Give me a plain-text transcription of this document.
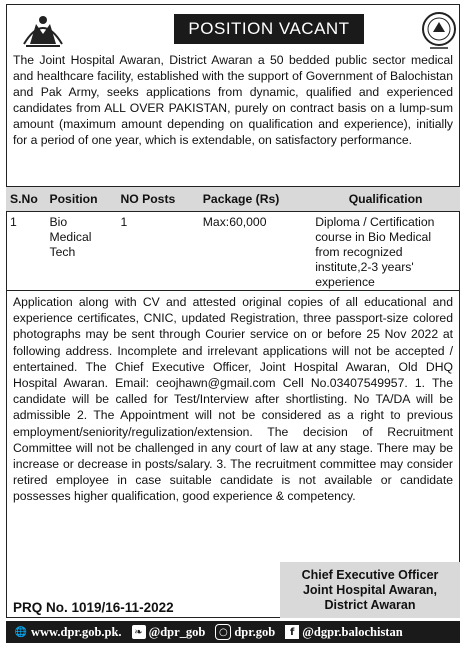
POSITION VACANT
The Joint Hospital Awaran, District Awaran a 50 bedded public sector medical and healthcare facility, established with the support of Government of Balochistan and Pak Army, seeks applications from dynamic, qualified and experienced candidates from ALL OVER PAKISTAN, purely on contract basis on a lump-sum amount (maximum amount depending on qualification and experience), initially for a period of one year, which is extendable, on satisfactory performance.
S.No	Position	NO Posts	Package (Rs)	Qualification
1	Bio Medical Tech	1	Max:60,000	Diploma / Certification course in Bio Medical from recognized institute,2-3 years' experience
Application along with CV and attested original copies of all educational and experience certificates, CNIC, updated Registration, three passport-size colored photographs may be sent through Courier service on or before 25 Nov 2022 at following address. Incomplete and irrelevant applications will not be accepted / entertained. The Chief Executive Officer, Joint Hospital Awaran, Old DHQ Hospital Awaran. Email: ceojhawn@gmail.com Cell No.03407549957. 1. The candidate will be called for Test/Interview after shortlisting. No TA/DA will be admissible 2. The Appointment will not be considered as a right to previous employment/seniority/regulization/extension. The decision of Recruitment Committee will not be challenged in any court of law at any stage. There may be increase or decrease in posts/salary. 3. The recruitment committee may consider retired employee in case suitable candidate is not available or candidate possesses higher qualification, good experience & competency.
Chief Executive Officer Joint Hospital Awaran, District Awaran
PRQ No. 1019/16-11-2022
🌐 www.dpr.gob.pk. ❧ @dpr_gob	○ dpr.gob	f @dgpr.balochistan
